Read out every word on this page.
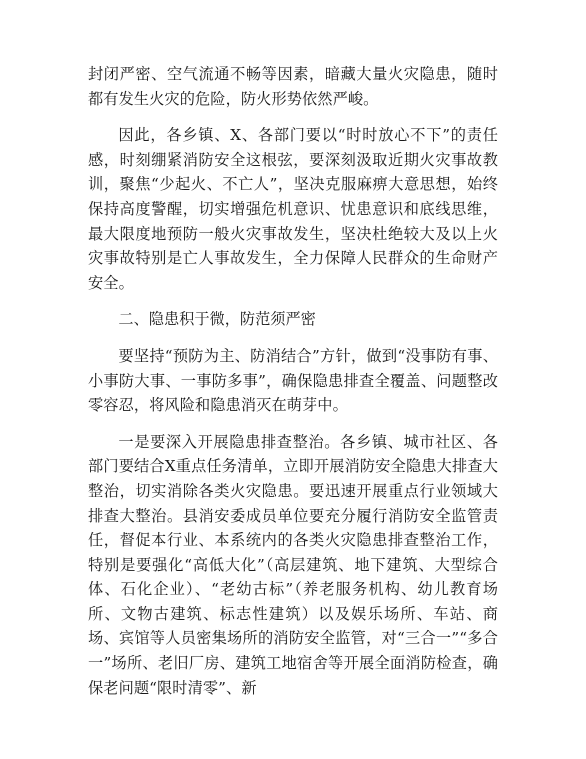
封闭严密、空气流通不畅等因素，暗藏大量火灾隐患，随时都有发生火灾的危险，防火形势依然严峻。

因此，各乡镇、X、各部门要以“时时放心不下”的责任感，时刻绷紧消防安全这根弦，要深刻汲取近期火灾事故教训，聚焦“少起火、不亡人”，坚决克服麻痹大意思想，始终保持高度警醒，切实增强危机意识、忧患意识和底线思维，最大限度地预防一般火灾事故发生，坚决杜绝较大及以上火灾事故特别是亡人事故发生，全力保障人民群众的生命财产安全。

二、隐患积于微，防范须严密

要坚持“预防为主、防消结合”方针，做到“没事防有事、小事防大事、一事防多事”，确保隐患排查全覆盖、问题整改零容忍，将风险和隐患消灭在萌芽中。

一是要深入开展隐患排查整治。各乡镇、城市社区、各部门要结合X重点任务清单，立即开展消防安全隐患大排查大整治，切实消除各类火灾隐患。要迅速开展重点行业领域大排查大整治。县消安委成员单位要充分履行消防安全监管责任，督促本行业、本系统内的各类火灾隐患排查整治工作，特别是要强化“高低大化”（高层建筑、地下建筑、大型综合体、石化企业）、“老幼古标”（养老服务机构、幼儿教育场所、文物古建筑、标志性建筑）以及娱乐场所、车站、商场、宾馆等人员密集场所的消防安全监管，对“三合一”“多合一”场所、老旧厂房、建筑工地宿舍等开展全面消防检查，确保老问题“限时清零”、新
